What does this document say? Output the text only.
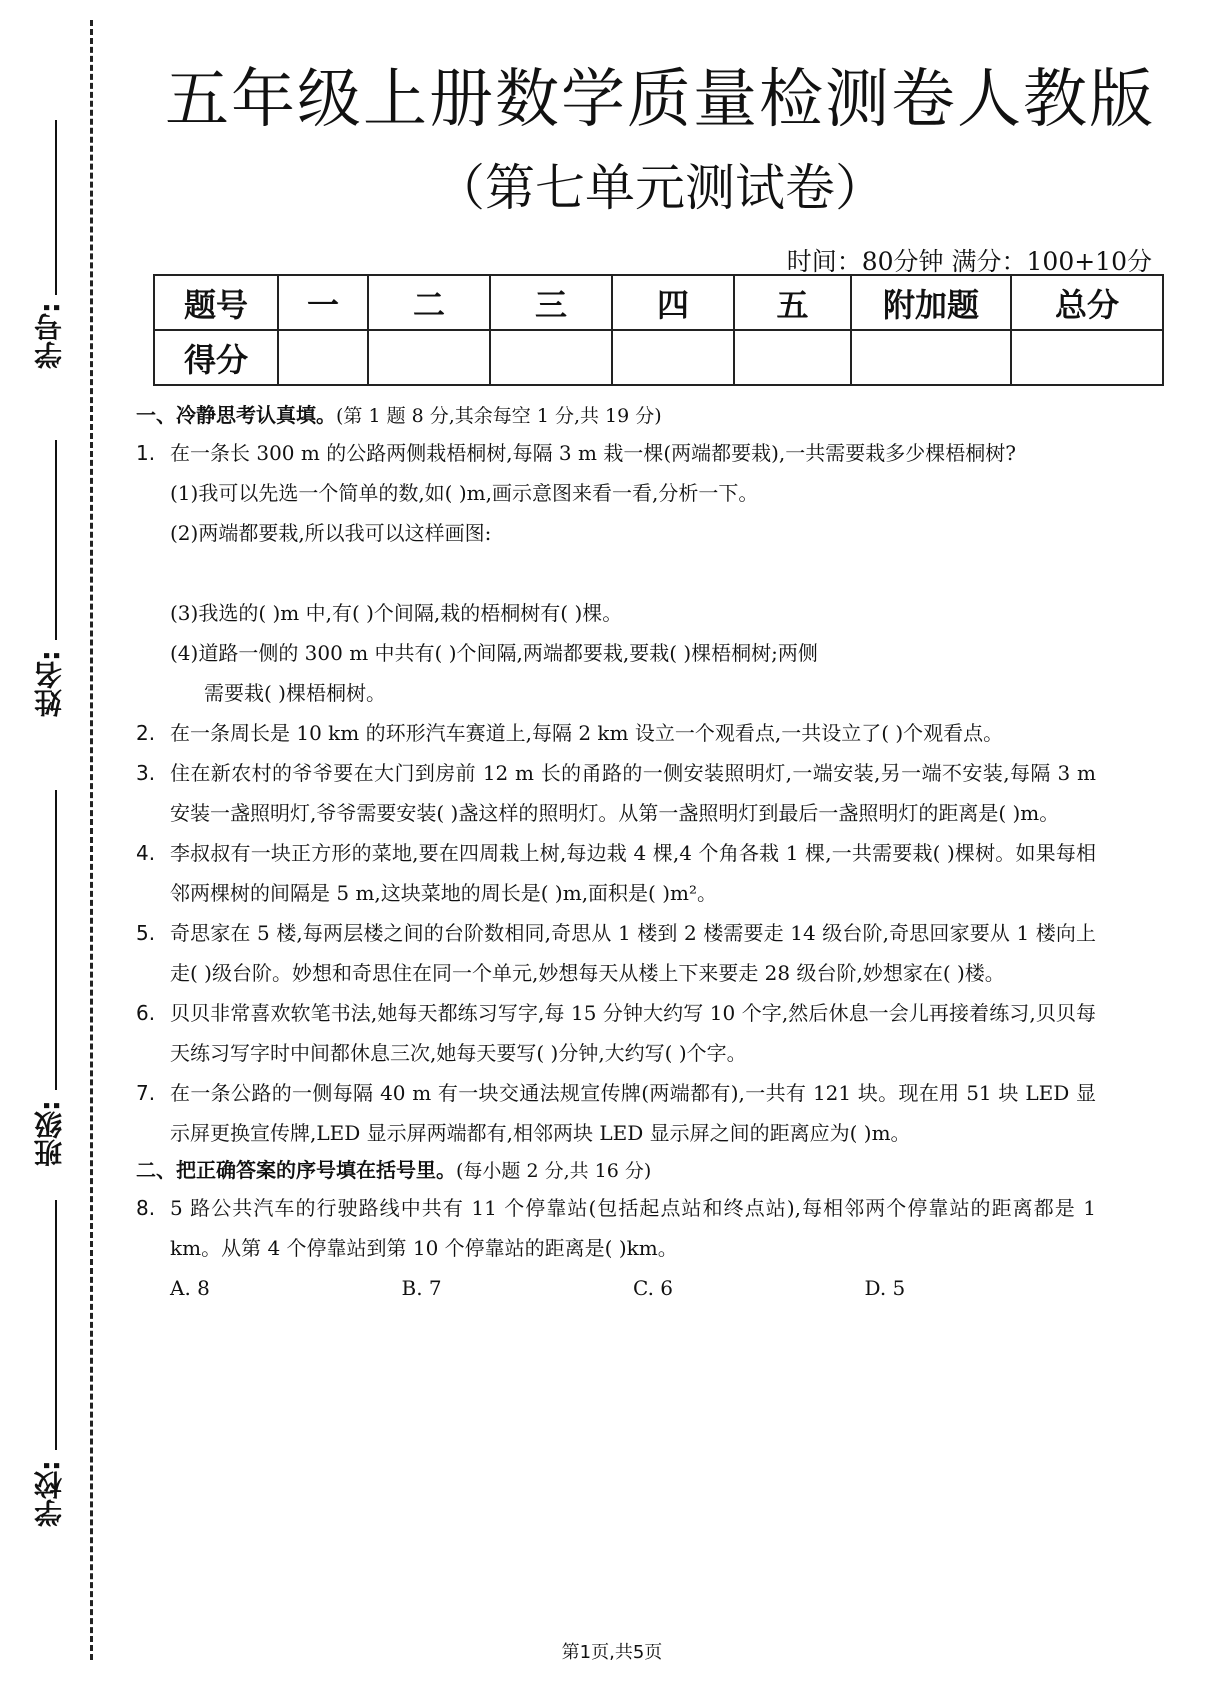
学号:
姓名:
班级:
学校:
五年级上册数学质量检测卷人教版
（第七单元测试卷）
时间：80分钟 满分：100+10分
题号	一	二	三	四	五	附加题	总分
得分							
一、冷静思考认真填。(第 1 题 8 分,其余每空 1 分,共 19 分)
1. 在一条长 300 m 的公路两侧栽梧桐树,每隔 3 m 栽一棵(两端都要栽),一共需要栽多少棵梧桐树?
(1)我可以先选一个简单的数,如( )m,画示意图来看一看,分析一下。
(2)两端都要栽,所以我可以这样画图:
(3)我选的( )m 中,有( )个间隔,栽的梧桐树有( )棵。
(4)道路一侧的 300 m 中共有( )个间隔,两端都要栽,要栽( )棵梧桐树;两侧
需要栽( )棵梧桐树。
2. 在一条周长是 10 km 的环形汽车赛道上,每隔 2 km 设立一个观看点,一共设立了( )个观看点。
3. 住在新农村的爷爷要在大门到房前 12 m 长的甬路的一侧安装照明灯,一端安装,另一端不安装,每隔 3 m 安装一盏照明灯,爷爷需要安装( )盏这样的照明灯。从第一盏照明灯到最后一盏照明灯的距离是( )m。
4. 李叔叔有一块正方形的菜地,要在四周栽上树,每边栽 4 棵,4 个角各栽 1 棵,一共需要栽( )棵树。如果每相邻两棵树的间隔是 5 m,这块菜地的周长是( )m,面积是( )m²。
5. 奇思家在 5 楼,每两层楼之间的台阶数相同,奇思从 1 楼到 2 楼需要走 14 级台阶,奇思回家要从 1 楼向上走( )级台阶。妙想和奇思住在同一个单元,妙想每天从楼上下来要走 28 级台阶,妙想家在( )楼。
6. 贝贝非常喜欢软笔书法,她每天都练习写字,每 15 分钟大约写 10 个字,然后休息一会儿再接着练习,贝贝每天练习写字时中间都休息三次,她每天要写( )分钟,大约写( )个字。
7. 在一条公路的一侧每隔 40 m 有一块交通法规宣传牌(两端都有),一共有 121 块。现在用 51 块 LED 显示屏更换宣传牌,LED 显示屏两端都有,相邻两块 LED 显示屏之间的距离应为( )m。
二、把正确答案的序号填在括号里。(每小题 2 分,共 16 分)
8. 5 路公共汽车的行驶路线中共有 11 个停靠站(包括起点站和终点站),每相邻两个停靠站的距离都是 1 km。从第 4 个停靠站到第 10 个停靠站的距离是( )km。
A. 8	B. 7	C. 6	D. 5
第1页,共5页
